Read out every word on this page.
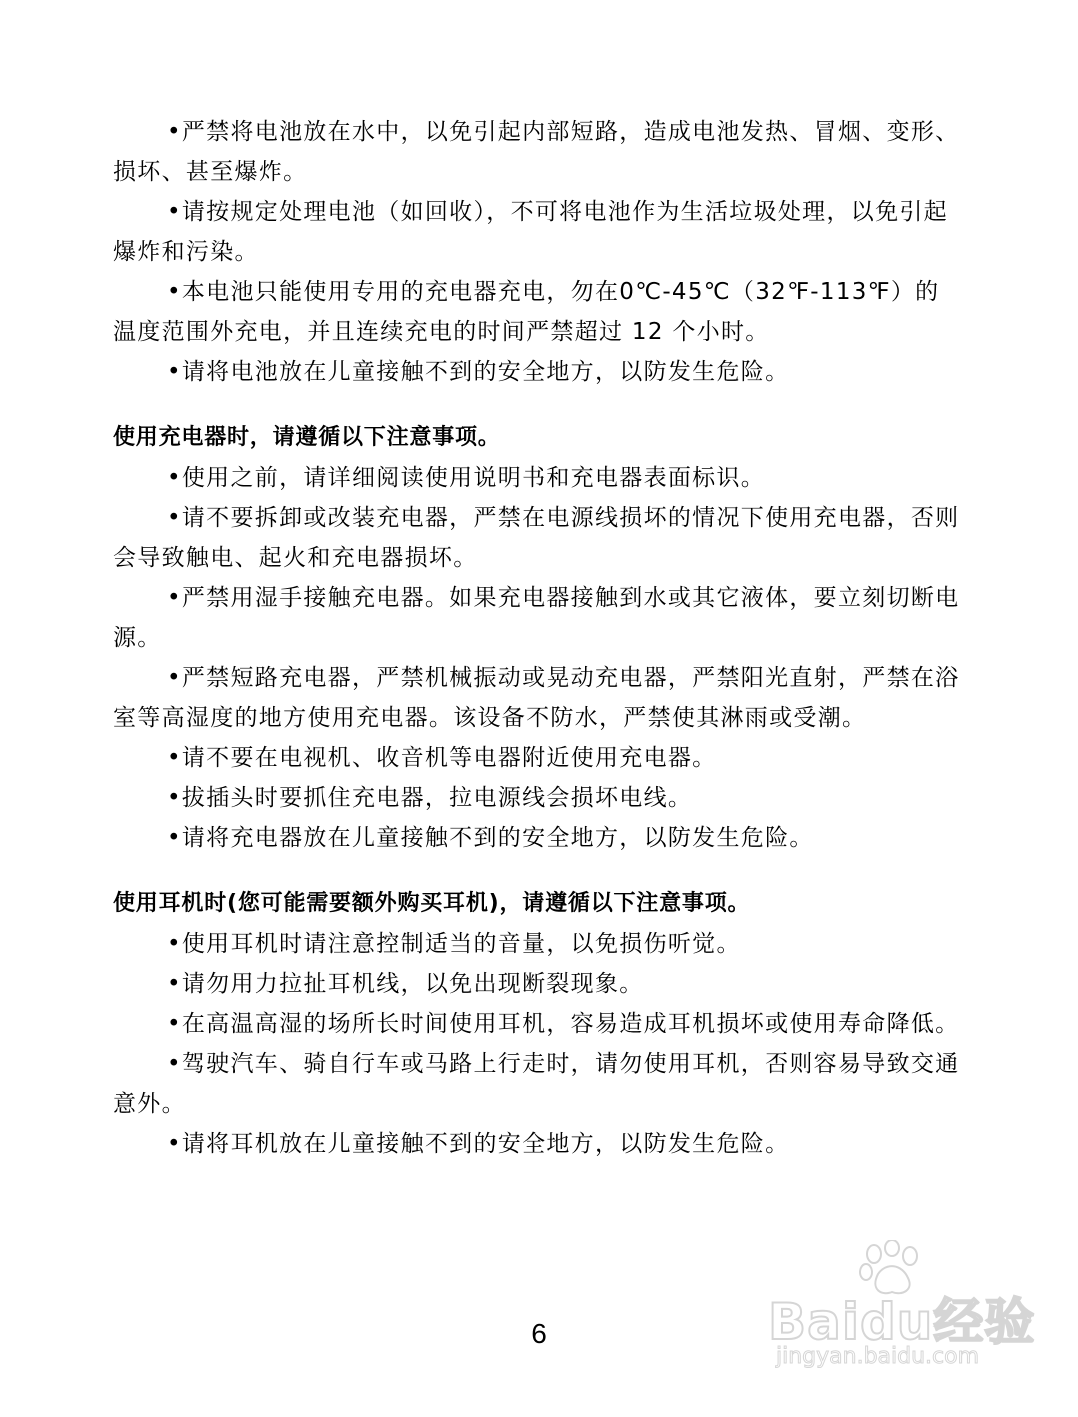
•严禁将电池放在水中，以免引起内部短路，造成电池发热、冒烟、变形、损坏、甚至爆炸。

•请按规定处理电池（如回收），不可将电池作为生活垃圾处理，以免引起爆炸和污染。

•本电池只能使用专用的充电器充电，勿在0℃-45℃（32℉-113℉）的温度范围外充电，并且连续充电的时间严禁超过 12 个小时。

•请将电池放在儿童接触不到的安全地方，以防发生危险。

使用充电器时，请遵循以下注意事项。

•使用之前，请详细阅读使用说明书和充电器表面标识。

•请不要拆卸或改装充电器，严禁在电源线损坏的情况下使用充电器，否则会导致触电、起火和充电器损坏。

•严禁用湿手接触充电器。如果充电器接触到水或其它液体，要立刻切断电源。

•严禁短路充电器，严禁机械振动或晃动充电器，严禁阳光直射，严禁在浴室等高湿度的地方使用充电器。该设备不防水，严禁使其淋雨或受潮。

•请不要在电视机、收音机等电器附近使用充电器。

•拔插头时要抓住充电器，拉电源线会损坏电线。

•请将充电器放在儿童接触不到的安全地方，以防发生危险。

使用耳机时(您可能需要额外购买耳机)，请遵循以下注意事项。

•使用耳机时请注意控制适当的音量，以免损伤听觉。

•请勿用力拉扯耳机线，以免出现断裂现象。

•在高温高湿的场所长时间使用耳机，容易造成耳机损坏或使用寿命降低。

•驾驶汽车、骑自行车或马路上行走时，请勿使用耳机，否则容易导致交通意外。

•请将耳机放在儿童接触不到的安全地方，以防发生危险。

6	Baidu经验
jingyan.baidu.com
